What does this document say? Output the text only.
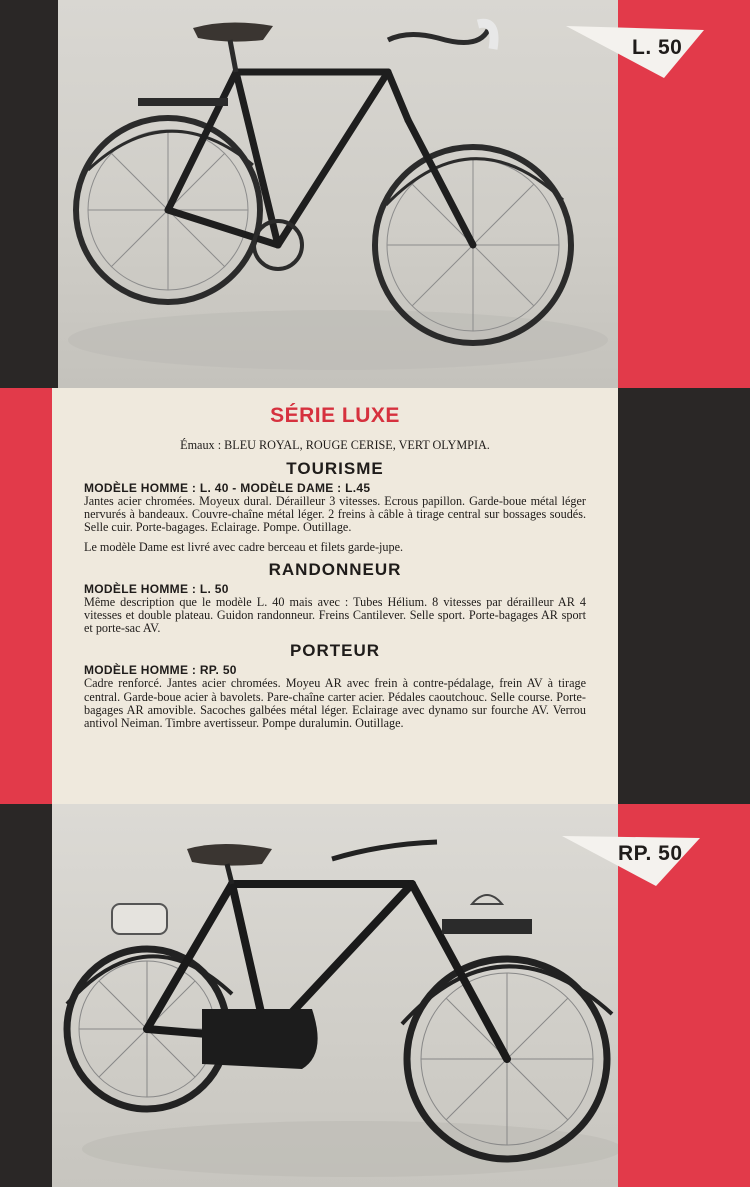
L. 50
RP. 50
SÉRIE LUXE
Émaux : BLEU ROYAL, ROUGE CERISE, VERT OLYMPIA.
TOURISME
MODÈLE HOMME : L. 40 - MODÈLE DAME : L.45

Jantes acier chromées. Moyeux dural. Dérailleur 3 vitesses. Ecrous papillon. Garde-boue métal léger nervurés à bandeaux. Couvre-chaîne métal léger. 2 freins à câble à tirage central sur bossages soudés. Selle cuir. Porte-bagages. Eclairage. Pompe. Outillage.

Le modèle Dame est livré avec cadre berceau et filets garde-jupe.
RANDONNEUR
MODÈLE HOMME : L. 50

Même description que le modèle L. 40 mais avec : Tubes Hélium. 8 vitesses par dérailleur AR 4 vitesses et double plateau. Guidon randonneur. Freins Cantilever. Selle sport. Porte-bagages AR sport et porte-sac AV.

PORTEUR
MODÈLE HOMME : RP. 50

Cadre renforcé. Jantes acier chromées. Moyeu AR avec frein à contre-pédalage, frein AV à tirage central. Garde-boue acier à bavolets. Pare-chaîne carter acier. Pédales caoutchouc. Selle course. Porte-bagages AR amovible. Sacoches galbées métal léger. Eclairage avec dynamo sur fourche AV. Verrou antivol Neiman. Timbre avertisseur. Pompe duralumin. Outillage.
